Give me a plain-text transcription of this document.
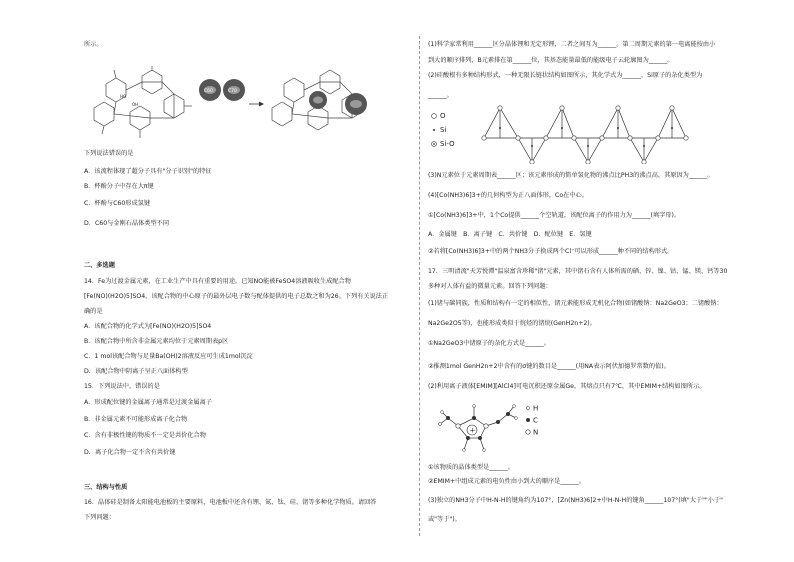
所示。
OH
HO
C60	C70
下列说法错误的是
A．该流程体现了超分子具有"分子识别"的特征
B．杯酚分子中存在大π键
C．杯酚与C60形成氢键
D．C60与金刚石晶体类型不同
二、多选题
14．Fe为过渡金属元素，在工业生产中具有重要的用途。已知NO能被FeSO4溶液吸收生成配合物
[Fe(NO)(H2O)5]SO4，该配合物的中心原子的最外层电子数与配体提供的电子总数之和为26。下列有关说法正
确的是
A．该配合物的化学式为[Fe(NO)(H2O)5]SO4
B．该配合物中所含非金属元素均位于元素周期表p区
C．1 mol该配合物与足量Ba(OH)2溶液反应可生成1mol沉淀
D．该配合物中阴离子呈正八面体构型
15．下列说法中，错误的是
A．形成配位键的金属离子通常是过渡金属离子
B．非金属元素不可能形成离子化合物
C．含有非极性键的物质不一定是共价化合物
D．离子化合物一定不含有共价键
三、结构与性质
16．晶体硅是制备太阳能电池板的主要原料，电池板中还含有锂、氮、钛、硅、锗等多种化学物质。请回答
下列问题：
(1)科学家常利用______区分晶体锂和无定形锂，二者之间互为______。第二周期元素的第一电离能按由小
到大的顺序排列，B元素排在第______位，其基态能量最低的能级电子云轮廓图为______。
(2)硅酸根有多种结构形式，一种无限长链状结构如图所示，其化学式为______，Si原子的杂化类型为
______。
O
Si
Si-O
(3)N元素位于元素周期表______区；该元素形成的简单氢化物的沸点比PH3的沸点高，其原因为______。
(4)[Co(NH3)6]3+的几何构型为正八面体形，Co在中心。
①[Co(NH3)6]3+中，1个Co提供______个空轨道，该配位离子的作用力为______(填字母)。
A．金属键　B．离子键　C．共价键　D．配位键　E．氢键
②若将[Co(NH3)6]3+中的两个NH3分子换成两个Cl⁻可以形成______种不同的结构形式。
17．三明清流"天芳悦潭"温泉富含珍稀"锗"元素，其中锗石含有人体所需的硒、锌、镍、钴、锰、镁、钙等30
多种对人体有益的微量元素。回答下列问题：
(1)锗与碳同族，性质和结构有一定的相似性，锗元素能形成无机化合物(如锗酸钠：Na2GeO3；二锗酸钠：
Na2Ge2O5等)，也能形成类似于烷烃的锗烷(GenH2n+2)。
①Na2GeO3中锗原子的杂化方式是______。
②推测1mol GenH2n+2中含有的σ键的数目是______(用NA表示阿伏加德罗常数的值)。
(2)利用离子液体[EMIM][AlCl4]可电沉积还原金属Ge，其熔点只有7℃，其中EMIM+结构如图所示。
+
H
C
N
①该物质的晶体类型是______。
②EMIM+中组成元素的电负性由小到大的顺序是______。
(3)独立的NH3分子中H-N-H的键角约为107°，[Zn(NH3)6]2+中H-N-H的键角______107°(填"大于""小于"
或"等于")。
